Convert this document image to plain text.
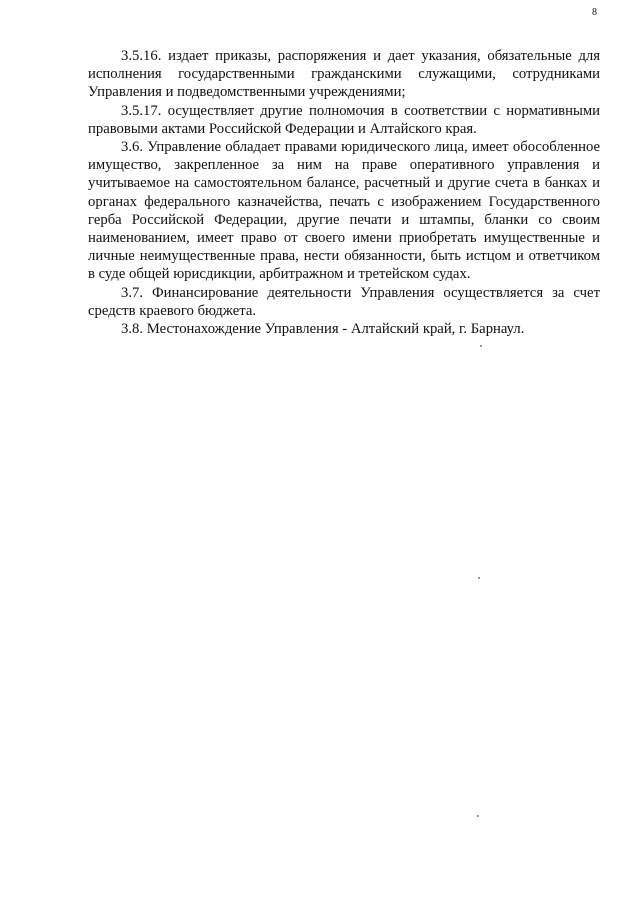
8

3.5.16. издает приказы, распоряжения и дает указания, обязательные для исполнения государственными гражданскими служащими, сотрудниками Управления и подведомственными учреждениями;

3.5.17. осуществляет другие полномочия в соответствии с нормативными правовыми актами Российской Федерации и Алтайского края.

3.6. Управление обладает правами юридического лица, имеет обособленное имущество, закрепленное за ним на праве оперативного управления и учитываемое на самостоятельном балансе, расчетный и другие счета в банках и органах федерального казначейства, печать с изображением Государственного герба Российской Федерации, другие печати и штампы, бланки со своим наименованием, имеет право от своего имени приобретать имущественные и личные неимущественные права, нести обязанности, быть истцом и ответчиком в суде общей юрисдикции, арбитражном и третейском судах.

3.7. Финансирование деятельности Управления осуществляется за счет средств краевого бюджета.

3.8. Местонахождение Управления - Алтайский край, г. Барнаул.
